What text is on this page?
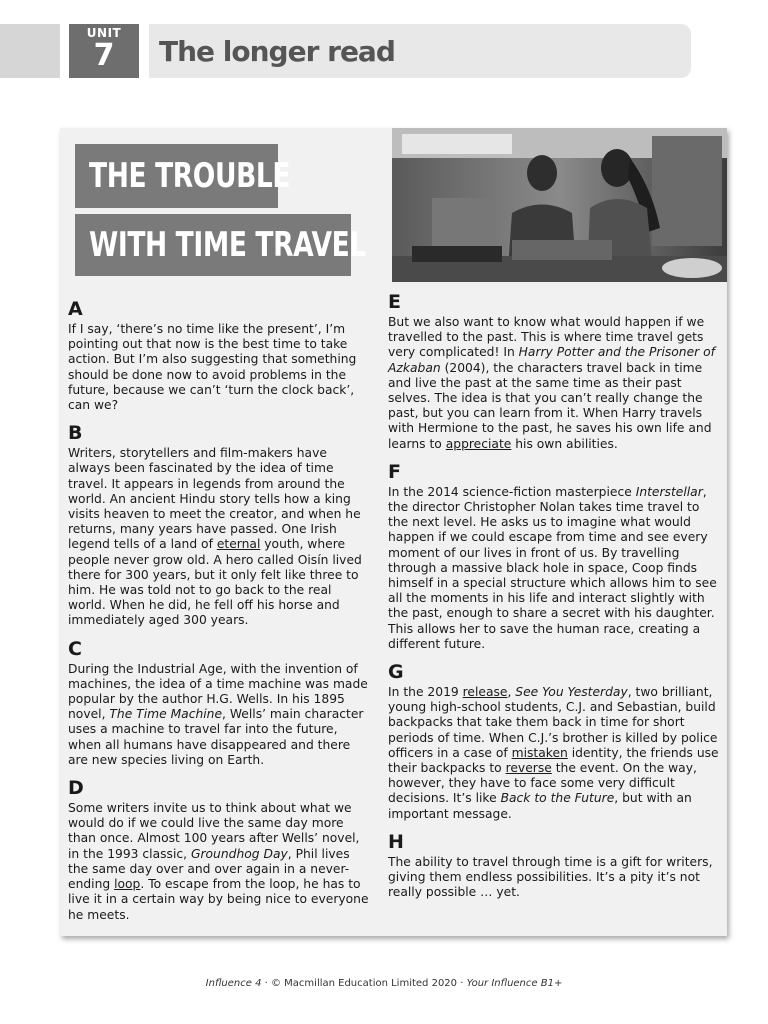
UNIT
7	The longer read
THE TROUBLE
WITH TIME TRAVEL
A

If I say, ‘there’s no time like the present’, I’m pointing out that now is the best time to take action. But I’m also suggesting that something should be done now to avoid problems in the future, because we can’t ‘turn the clock back’, can we?

B

Writers, storytellers and film-makers have always been fascinated by the idea of time travel. It appears in legends from around the world. An ancient Hindu story tells how a king visits heaven to meet the creator, and when he returns, many years have passed. One Irish legend tells of a land of eternal youth, where people never grow old. A hero called Oisín lived there for 300 years, but it only felt like three to him. He was told not to go back to the real world. When he did, he fell off his horse and immediately aged 300 years.

C

During the Industrial Age, with the invention of machines, the idea of a time machine was made popular by the author H.G. Wells. In his 1895 novel, The Time Machine, Wells’ main character uses a machine to travel far into the future, when all humans have disappeared and there are new species living on Earth.

D

Some writers invite us to think about what we would do if we could live the same day more than once. Almost 100 years after Wells’ novel, in the 1993 classic, Groundhog Day, Phil lives the same day over and over again in a never-ending loop. To escape from the loop, he has to live it in a certain way by being nice to everyone he meets.

E

But we also want to know what would happen if we travelled to the past. This is where time travel gets very complicated! In Harry Potter and the Prisoner of Azkaban (2004), the characters travel back in time and live the past at the same time as their past selves. The idea is that you can’t really change the past, but you can learn from it. When Harry travels with Hermione to the past, he saves his own life and learns to appreciate his own abilities.

F

In the 2014 science-fiction masterpiece Interstellar, the director Christopher Nolan takes time travel to the next level. He asks us to imagine what would happen if we could escape from time and see every moment of our lives in front of us. By travelling through a massive black hole in space, Coop finds himself in a special structure which allows him to see all the moments in his life and interact slightly with the past, enough to share a secret with his daughter. This allows her to save the human race, creating a different future.

G

In the 2019 release, See You Yesterday, two brilliant, young high-school students, C.J. and Sebastian, build backpacks that take them back in time for short periods of time. When C.J.’s brother is killed by police officers in a case of mistaken identity, the friends use their backpacks to reverse the event. On the way, however, they have to face some very difficult decisions. It’s like Back to the Future, but with an important message.

H

The ability to travel through time is a gift for writers, giving them endless possibilities. It’s a pity it’s not really possible … yet.

Influence 4 · © Macmillan Education Limited 2020 · Your Influence B1+
